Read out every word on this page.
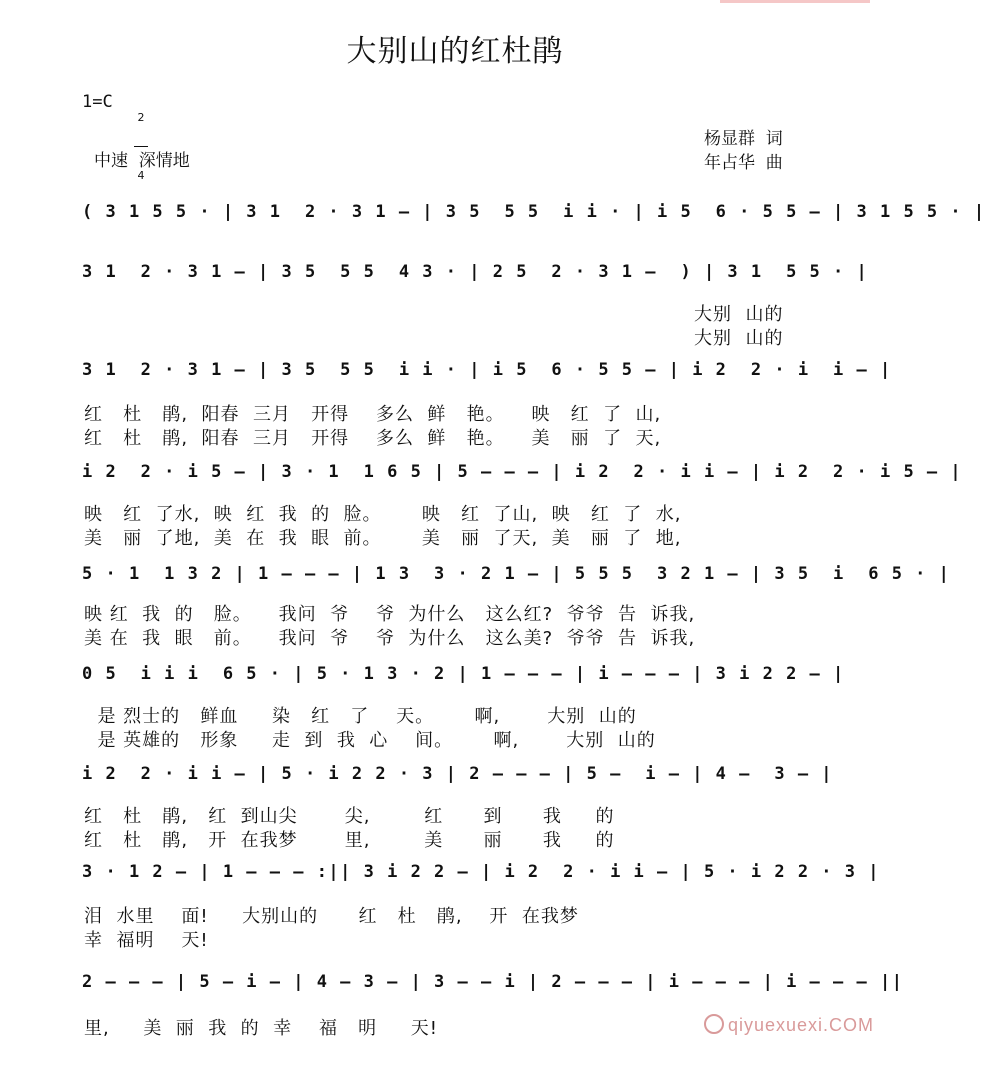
大别山的红杜鹃
1=C

2

4

中速  深情地
杨显群  词
年占华  曲
( 3 1 5 5 · | 3 1  2 · 3 1 — | 3 5  5 5  i i · | i 5  6 · 5 5 — | 3 1 5 5 · |
3 1  2 · 3 1 — | 3 5  5 5  4 3 · | 2 5  2 · 3 1 —  ) | 3 1  5 5 · |
大别  山的
大别  山的
3 1  2 · 3 1 — | 3 5  5 5  i i · | i 5  6 · 5 5 — | i 2  2 · i  i — |
红   杜   鹃,  阳春  三月   开得    多么  鲜   艳。    映   红  了  山,
红   杜   鹃,  阳春  三月   开得    多么  鲜   艳。    美   丽  了  天,
i 2  2 · i 5 — | 3 · 1  1 6 5 | 5 — — — | i 2  2 · i i — | i 2  2 · i 5 — |
映   红  了水,  映  红  我  的  脸。      映   红  了山,  映   红  了  水,
美   丽  了地,  美  在  我  眼  前。      美   丽  了天,  美   丽  了  地,
5 · 1  1 3 2 | 1 — — — | 1 3  3 · 2 1 — | 5 5 5  3 2 1 — | 3 5  i  6 5 · |
映 红  我  的   脸。    我问  爷    爷  为什么   这么红?  爷爷  告  诉我,
美 在  我  眼   前。    我问  爷    爷  为什么   这么美?  爷爷  告  诉我,
0 5  i i i  6 5 · | 5 · 1 3 · 2 | 1 — — — | i — — — | 3 i 2 2 — |
是 烈士的   鲜血     染   红   了    天。      啊,       大别  山的
是 英雄的   形象     走  到  我  心    间。      啊,       大别  山的
i 2  2 · i i — | 5 · i 2 2 · 3 | 2 — — — | 5 —  i — | 4 —  3 — |
红   杜   鹃,   红  到山尖       尖,        红      到      我     的
红   杜   鹃,   开  在我梦       里,        美      丽      我     的
3 · 1 2 — | 1 — — — :|| 3 i 2 2 — | i 2  2 · i i — | 5 · i 2 2 · 3 |
泪  水里    面!     大别山的      红   杜   鹃,    开  在我梦
幸  福明    天!
2 — — — | 5 — i — | 4 — 3 — | 3 — — i | 2 — — — | i — — — | i — — — ||
里,     美  丽  我  的  幸    福   明     天!	qiyuexuexi.COM
